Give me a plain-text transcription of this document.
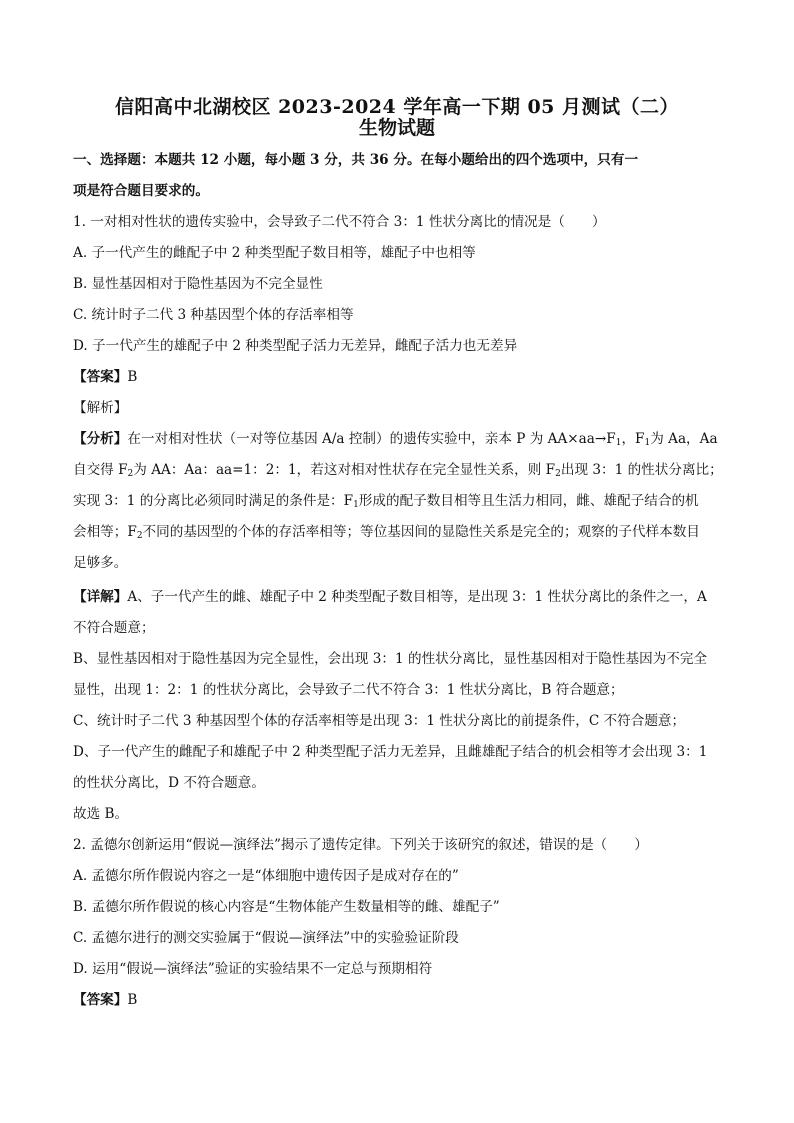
信阳高中北湖校区 2023-2024 学年高一下期 05 月测试（二）
生物试题
一、选择题：本题共 12 小题，每小题 3 分，共 36 分。在每小题给出的四个选项中，只有一
项是符合题目要求的。
1. 一对相对性状的遗传实验中，会导致子二代不符合 3：1 性状分离比的情况是（　　）
A. 子一代产生的雌配子中 2 种类型配子数目相等，雄配子中也相等
B. 显性基因相对于隐性基因为不完全显性
C. 统计时子二代 3 种基因型个体的存活率相等
D. 子一代产生的雄配子中 2 种类型配子活力无差异，雌配子活力也无差异
【答案】B
【解析】
【分析】在一对相对性状（一对等位基因 A/a 控制）的遗传实验中，亲本 P 为 $AA\times aa\to F_1$，$F_1$为 Aa，Aa
自交得 $F_2$为 AA：Aa：aa=1：2：1，若这对相对性状存在完全显性关系，则 $F_2$出现 3：1 的性状分离比；
实现 3：1 的分离比必须同时满足的条件是：$F_1$形成的配子数目相等且生活力相同，雌、雄配子结合的机
会相等；$F_2$不同的基因型的个体的存活率相等；等位基因间的显隐性关系是完全的；观察的子代样本数目
足够多。
【详解】A、子一代产生的雌、雄配子中 2 种类型配子数目相等，是出现 3：1 性状分离比的条件之一，A
不符合题意；
B、显性基因相对于隐性基因为完全显性，会出现 3：1 的性状分离比，显性基因相对于隐性基因为不完全
显性，出现 1：2：1 的性状分离比，会导致子二代不符合 3：1 性状分离比，B 符合题意；
C、统计时子二代 3 种基因型个体的存活率相等是出现 3：1 性状分离比的前提条件，C 不符合题意；
D、子一代产生的雌配子和雄配子中 2 种类型配子活力无差异，且雌雄配子结合的机会相等才会出现 3：1
的性状分离比，D 不符合题意。
故选 B。
2. 孟德尔创新运用“假说—演绎法”揭示了遗传定律。下列关于该研究的叙述，错误的是（　　）
A. 孟德尔所作假说内容之一是“体细胞中遗传因子是成对存在的”
B. 孟德尔所作假说的核心内容是“生物体能产生数量相等的雌、雄配子”
C. 孟德尔进行的测交实验属于“假说—演绎法”中的实验验证阶段
D. 运用“假说—演绎法”验证的实验结果不一定总与预期相符
【答案】B
